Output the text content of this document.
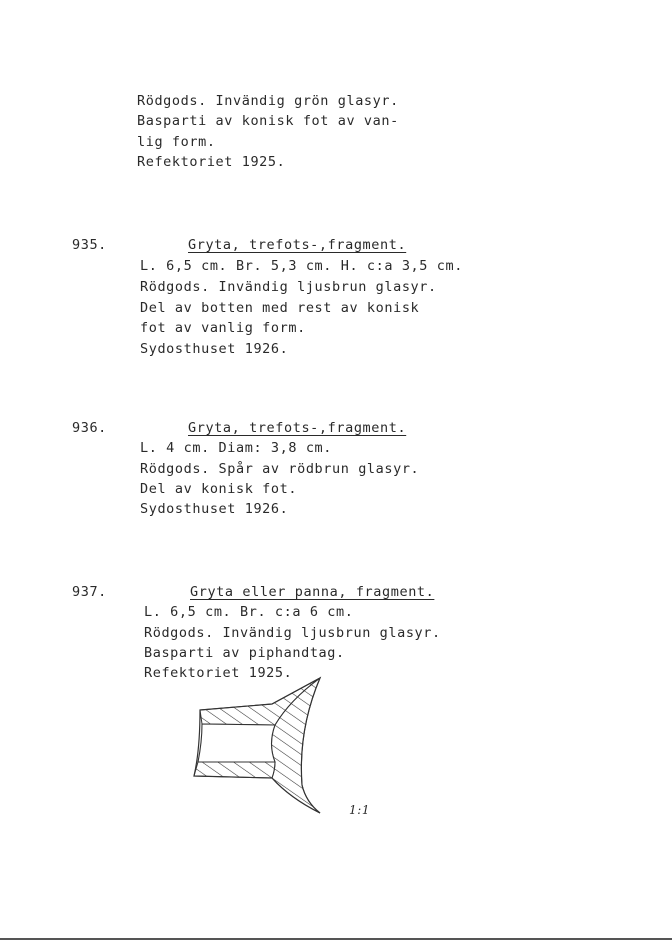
Rödgods. Invändig grön glasyr.
Basparti av konisk fot av van-
lig form.
Refektoriet 1925.
935.	Gryta, trefots-,fragment.
L. 6,5 cm. Br. 5,3 cm. H. c:a 3,5 cm.
Rödgods. Invändig ljusbrun glasyr.
Del av botten med rest av konisk
fot av vanlig form.
Sydosthuset 1926.
936.	Gryta, trefots-,fragment.
L. 4 cm. Diam: 3,8 cm.
Rödgods. Spår av rödbrun glasyr.
Del av konisk fot.
Sydosthuset 1926.
937.	Gryta eller panna, fragment.
L. 6,5 cm. Br. c:a 6 cm.
Rödgods. Invändig ljusbrun glasyr.
Basparti av piphandtag.
Refektoriet 1925.
1:1
